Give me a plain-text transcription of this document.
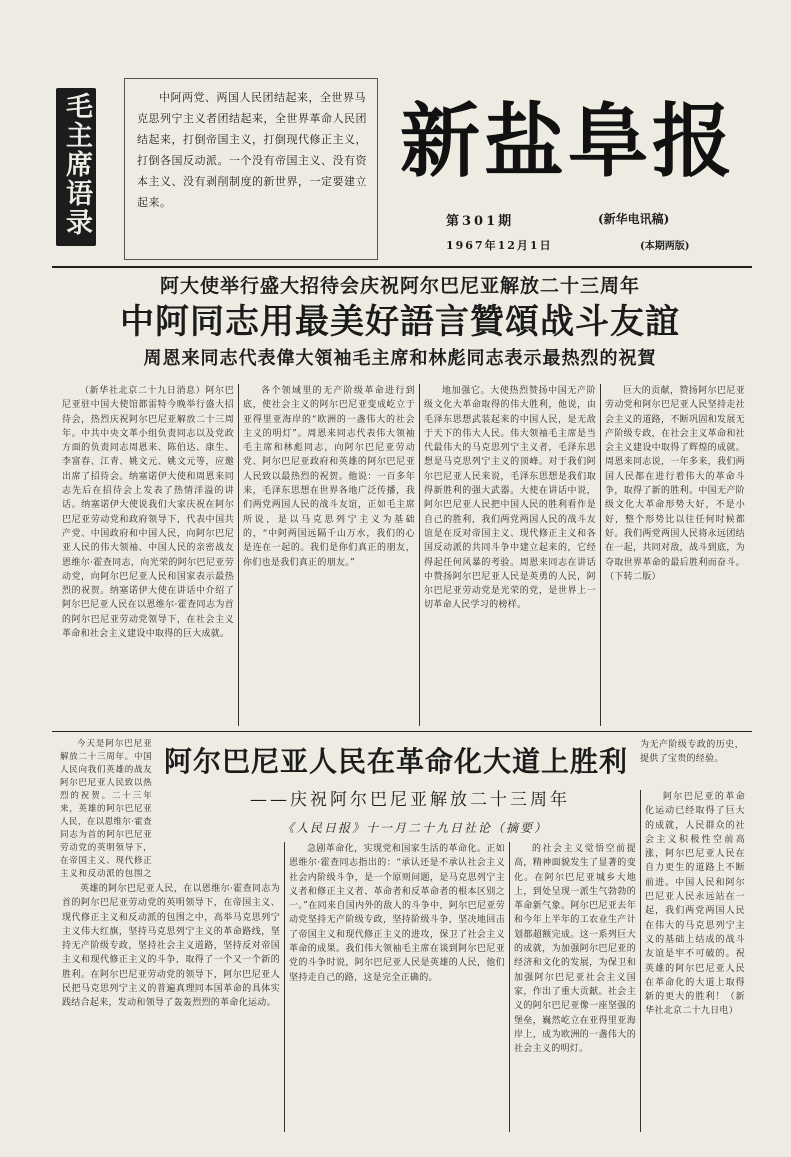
毛主席语录	中阿两党、两国人民团结起来，全世界马克思列宁主义者团结起来，全世界革命人民团结起来，打倒帝国主义，打倒现代修正主义，打倒各国反动派。一个没有帝国主义、没有资本主义、没有剥削制度的新世界，一定要建立起来。
新盐阜报
第301期	(新华电讯稿)
1967年12月1日	(本期两版)
阿大使举行盛大招待会庆祝阿尔巴尼亚解放二十三周年
中阿同志用最美好語言贊頌战斗友誼
周恩来同志代表偉大領袖毛主席和林彪同志表示最热烈的祝賀

（新华社北京二十九日消息）阿尔巴尼亚驻中国大使馆都雷特今晚举行盛大招待会，热烈庆祝阿尔巴尼亚解放二十三周年。中共中央文革小组负责同志以及党政方面的负责同志周恩来、陈伯达、康生、李富春、江青、姚文元、姚文元等，应邀出席了招待会。纳塞诺伊大使和周恩来同志先后在招待会上发表了热情洋溢的讲话。纳塞诺伊大使说我们大家庆祝在阿尔巴尼亚劳动党和政府领导下，代表中国共产党、中国政府和中国人民，向阿尔巴尼亚人民的伟大领袖、中国人民的亲密战友恩维尔·霍查同志，向光荣的阿尔巴尼亚劳动党，向阿尔巴尼亚人民和国家表示最热烈的祝贺。纳塞诺伊大使在讲话中介绍了阿尔巴尼亚人民在以恩维尔·霍查同志为首的阿尔巴尼亚劳动党领导下，在社会主义革命和社会主义建设中取得的巨大成就。

各个领域里的无产阶级革命进行到底，使社会主义的阿尔巴尼亚变成屹立于亚得里亚海岸的“欧洲的一盏伟大的社会主义的明灯”。周恩来同志代表伟大领袖毛主席和林彪同志，向阿尔巴尼亚劳动党、阿尔巴尼亚政府和英雄的阿尔巴尼亚人民致以最热烈的祝贺。他说：一百多年来，毛泽东思想在世界各地广泛传播，我们两党两国人民的战斗友谊，正如毛主席所说，是以马克思列宁主义为基础的，“中阿两国远隔千山万水，我们的心是连在一起的。我们是你们真正的朋友，你们也是我们真正的朋友。”

地加强它。大使热烈赞扬中国无产阶级文化大革命取得的伟大胜利，他说，由毛泽东思想武装起来的中国人民，是无敌于天下的伟大人民。伟大领袖毛主席是当代最伟大的马克思列宁主义者，毛泽东思想是马克思列宁主义的顶峰。对于我们阿尔巴尼亚人民来说，毛泽东思想是我们取得新胜利的强大武器。大使在讲话中说，阿尔巴尼亚人民把中国人民的胜利看作是自己的胜利，我们两党两国人民的战斗友谊是在反对帝国主义、现代修正主义和各国反动派的共同斗争中建立起来的，它经得起任何风暴的考验。周恩来同志在讲话中赞扬阿尔巴尼亚人民是英勇的人民，阿尔巴尼亚劳动党是光荣的党，是世界上一切革命人民学习的榜样。

巨大的贡献，赞扬阿尔巴尼亚劳动党和阿尔巴尼亚人民坚持走社会主义的道路，不断巩固和发展无产阶级专政，在社会主义革命和社会主义建设中取得了辉煌的成就。周恩来同志说，一年多来，我们两国人民都在进行着伟大的革命斗争，取得了新的胜利。中国无产阶级文化大革命形势大好，不是小好，整个形势比以往任何时候都好。我们两党两国人民将永远团结在一起，共同对敌，战斗到底，为夺取世界革命的最后胜利而奋斗。（下转二版）

今天是阿尔巴尼亚解放二十三周年。中国人民向我们英雄的战友阿尔巴尼亚人民致以热烈的祝贺。二十三年来，英雄的阿尔巴尼亚人民，在以恩维尔·霍查同志为首的阿尔巴尼亚劳动党的英明领导下，在帝国主义、现代修正主义和反动派的包围之

阿尔巴尼亚人民在革命化大道上胜利
——庆祝阿尔巴尼亚解放二十三周年
《人民日报》十一月二十九日社论（摘要）

为无产阶级专政的历史，提供了宝贵的经验。

英雄的阿尔巴尼亚人民，在以恩维尔·霍查同志为首的阿尔巴尼亚劳动党的英明领导下，在帝国主义、现代修正主义和反动派的包围之中，高举马克思列宁主义伟大红旗，坚持马克思列宁主义的革命路线，坚持无产阶级专政，坚持社会主义道路，坚持反对帝国主义和现代修正主义的斗争，取得了一个又一个新的胜利。在阿尔巴尼亚劳动党的领导下，阿尔巴尼亚人民把马克思列宁主义的普遍真理同本国革命的具体实践结合起来，发动和领导了轰轰烈烈的革命化运动。

急剧革命化，实现党和国家生活的革命化。正如恩维尔·霍查同志指出的：“承认还是不承认社会主义社会内阶级斗争，是一个原则问题，是马克思列宁主义者和修正主义者、革命者和反革命者的根本区别之一。”在同来自国内外的敌人的斗争中，阿尔巴尼亚劳动党坚持无产阶级专政，坚持阶级斗争，坚决地回击了帝国主义和现代修正主义的进攻，保卫了社会主义革命的成果。我们伟大领袖毛主席在谈到阿尔巴尼亚党的斗争时说，阿尔巴尼亚人民是英雄的人民，他们坚持走自己的路，这是完全正确的。

的社会主义觉悟空前提高，精神面貌发生了显著的变化。在阿尔巴尼亚城乡大地上，到处呈现一派生气勃勃的革命新气象。阿尔巴尼亚去年和今年上半年的工农业生产计划都超额完成。这一系列巨大的成就，为加强阿尔巴尼亚的经济和文化的发展，为保卫和加强阿尔巴尼亚社会主义国家，作出了重大贡献。社会主义的阿尔巴尼亚像一座坚强的堡垒，巍然屹立在亚得里亚海岸上，成为欧洲的一盏伟大的社会主义的明灯。

阿尔巴尼亚的革命化运动已经取得了巨大的成就，人民群众的社会主义积极性空前高涨，阿尔巴尼亚人民在自力更生的道路上不断前进。中国人民和阿尔巴尼亚人民永远站在一起，我们两党两国人民在伟大的马克思列宁主义的基础上结成的战斗友谊是牢不可破的。祝英雄的阿尔巴尼亚人民在革命化的大道上取得新的更大的胜利！（新华社北京二十九日电）
